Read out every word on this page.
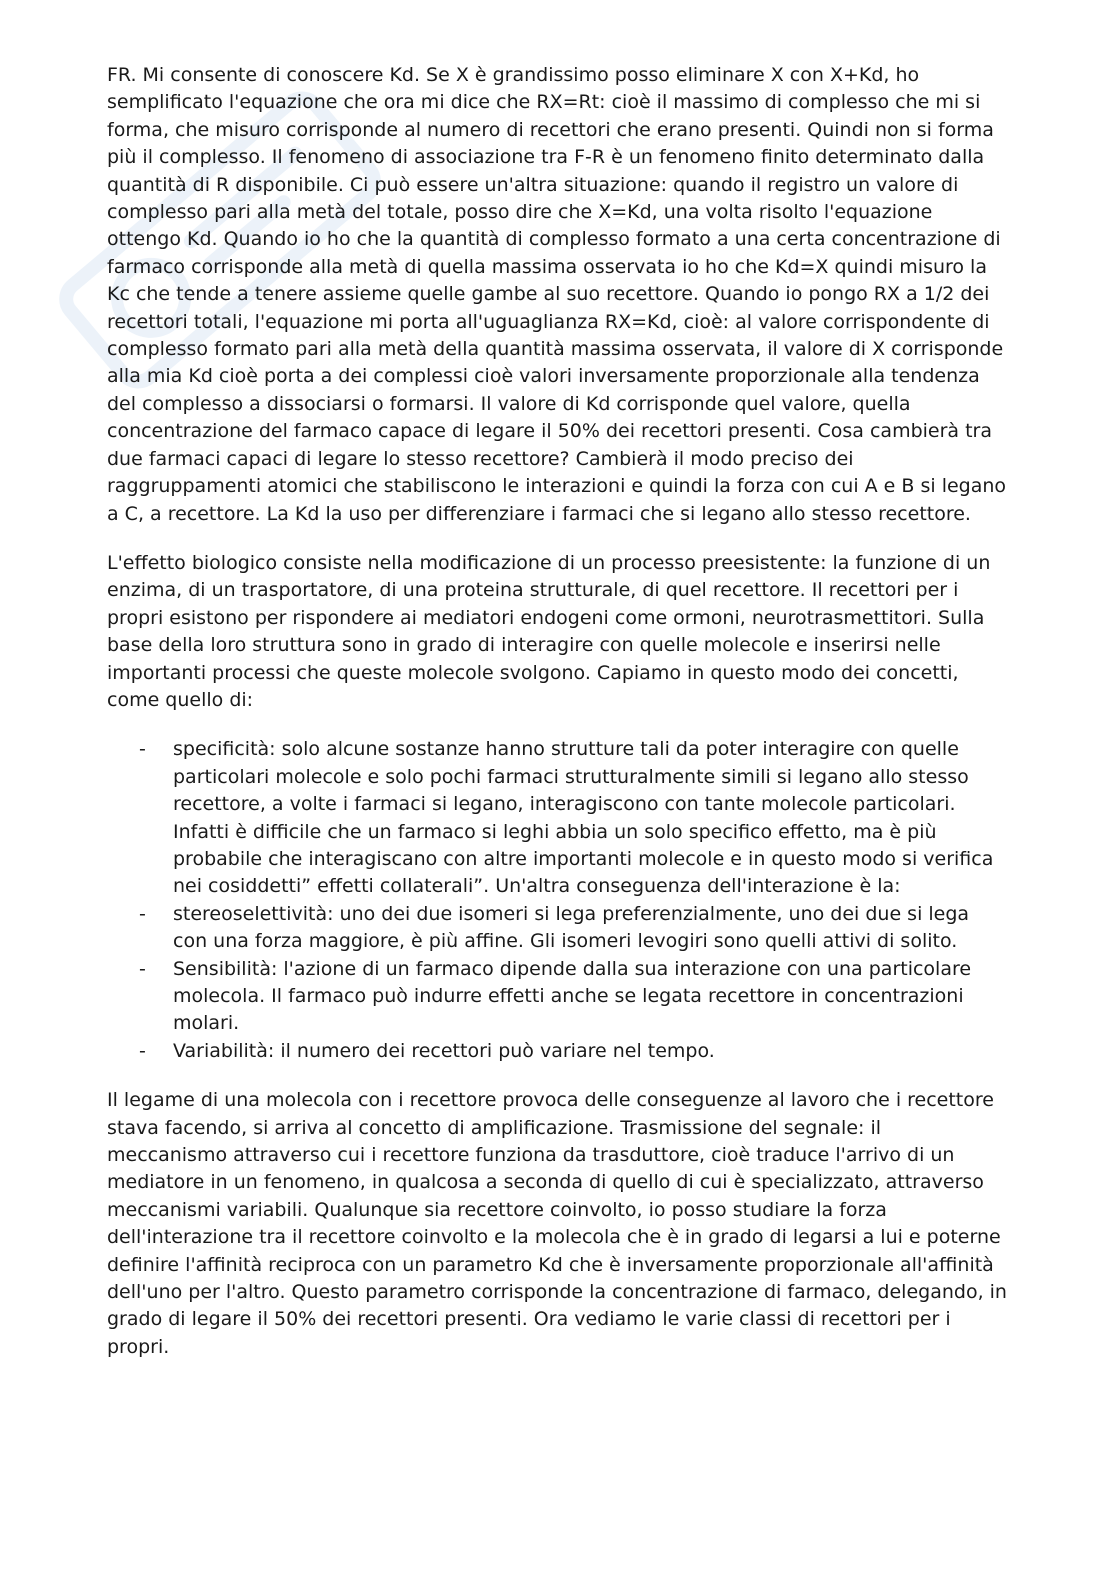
FR. Mi consente di conoscere Kd. Se X è grandissimo posso eliminare X con X+Kd, ho semplificato l'equazione che ora mi dice che RX=Rt: cioè il massimo di complesso che mi si forma, che misuro corrisponde al numero di recettori che erano presenti. Quindi non si forma più il complesso. Il fenomeno di associazione tra F-R è un fenomeno finito determinato dalla quantità di R disponibile. Ci può essere un'altra situazione: quando il registro un valore di complesso pari alla metà del totale, posso dire che X=Kd, una volta risolto l'equazione ottengo Kd. Quando io ho che la quantità di complesso formato a una certa concentrazione di farmaco corrisponde alla metà di quella massima osservata io ho che Kd=X quindi misuro la Kc che tende a tenere assieme quelle gambe al suo recettore. Quando io pongo RX a 1/2 dei recettori totali, l'equazione mi porta all'uguaglianza RX=Kd, cioè: al valore corrispondente di complesso formato pari alla metà della quantità massima osservata, il valore di X corrisponde alla mia Kd cioè porta a dei complessi cioè valori inversamente proporzionale alla tendenza del complesso a dissociarsi o formarsi. Il valore di Kd corrisponde quel valore, quella concentrazione del farmaco capace di legare il 50% dei recettori presenti. Cosa cambierà tra due farmaci capaci di legare lo stesso recettore? Cambierà il modo preciso dei raggruppamenti atomici che stabiliscono le interazioni e quindi la forza con cui A e B si legano a C, a recettore. La Kd la uso per differenziare i farmaci che si legano allo stesso recettore.

L'effetto biologico consiste nella modificazione di un processo preesistente: la funzione di un enzima, di un trasportatore, di una proteina strutturale, di quel recettore. Il recettori per i propri esistono per rispondere ai mediatori endogeni come ormoni, neurotrasmettitori. Sulla base della loro struttura sono in grado di interagire con quelle molecole e inserirsi nelle importanti processi che queste molecole svolgono. Capiamo in questo modo dei concetti, come quello di:

- specificità: solo alcune sostanze hanno strutture tali da poter interagire con quelle particolari molecole e solo pochi farmaci strutturalmente simili si legano allo stesso recettore, a volte i farmaci si legano, interagiscono con tante molecole particolari. Infatti è difficile che un farmaco si leghi abbia un solo specifico effetto, ma è più probabile che interagiscano con altre importanti molecole e in questo modo si verifica nei cosiddetti” effetti collaterali”. Un'altra conseguenza dell'interazione è la:
- stereoselettività: uno dei due isomeri si lega preferenzialmente, uno dei due si lega con una forza maggiore, è più affine. Gli isomeri levogiri sono quelli attivi di solito.
- Sensibilità: l'azione di un farmaco dipende dalla sua interazione con una particolare molecola. Il farmaco può indurre effetti anche se legata recettore in concentrazioni molari.
- Variabilità: il numero dei recettori può variare nel tempo.

Il legame di una molecola con i recettore provoca delle conseguenze al lavoro che i recettore stava facendo, si arriva al concetto di amplificazione. Trasmissione del segnale: il meccanismo attraverso cui i recettore funziona da trasduttore, cioè traduce l'arrivo di un mediatore in un fenomeno, in qualcosa a seconda di quello di cui è specializzato, attraverso meccanismi variabili. Qualunque sia recettore coinvolto, io posso studiare la forza dell'interazione tra il recettore coinvolto e la molecola che è in grado di legarsi a lui e poterne definire l'affinità reciproca con un parametro Kd che è inversamente proporzionale all'affinità dell'uno per l'altro. Questo parametro corrisponde la concentrazione di farmaco, delegando, in grado di legare il 50% dei recettori presenti. Ora vediamo le varie classi di recettori per i propri.
